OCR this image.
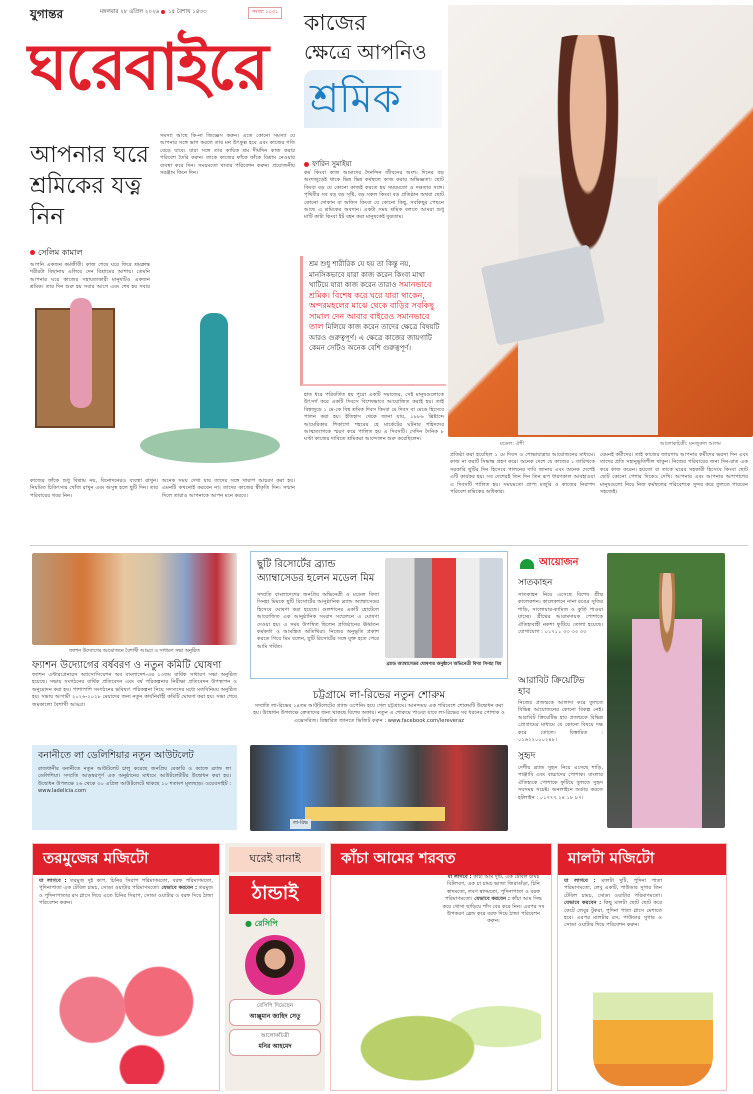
যুগান্তর	মঙ্গলবার ২৮ এপ্রিল ২০২৬ ১৫ বৈশাখ ১৪৩৩	সংখ্যা ১০৩১
ঘরেবাইরে
কাজের
ক্ষেত্রে আপনিও
শ্রমিক
মডেল: ঐশী	আলোকচিত্রী: মনজুরুল আলম
আপনার ঘরে শ্রমিকের যত্ন নিন
সেলিম কামাল
আপনি একজন কর্মজীবী। কাজ শেষে ঘরে ফিরে শ্রমক্লান্ত শরীরটা বিছানায় এলিয়ে দেন বিশ্রামের আশায়। তেমনি আপনার ঘরে কাজের সহায়তাকারী মানুষটিও একজন
সমস্যা আছে কি-না জিজ্ঞেস করুন। এতে কোনো সমস্যা যে আপনার সঙ্গে ভাগ করলে তার মন উৎফুল্ল হবে এবং কাজের গতি বেড়ে যাবে। যারা সঙ্গে তার কায়িক শ্রম দীর্ঘদিন কাজ করার পরিবেশ তৈরি করুন। তাকে কাজের ফাঁকে ফাঁকে বিশ্রাম নেওয়ার ব্যবস্থা করে দিন। সময়মতো খাবার পরিবেশন করুন। প্রয়োজনীয় সরঞ্জাম কিনে দিন।
কাজের ফাঁকে শুধু বিশ্রাম নয়, বিনোদনেরও ব্যবস্থা রাখুন। নিয়মিত চিকিৎসার খোঁজ রাখুন এবং অসুস্থ হলে ছুটি দিন। তার পরিবারের খবর নিন।
অনেক সময় দেখা যায় তাদের সঙ্গে খারাপ আচরণ করা হয়। এমনটি কখনোই করবেন না। তাদের কাজের স্বীকৃতি দিন। সম্মান দিলে তারাও আপনাকে আপন মনে করবে।
ফারিন সুমাইয়া
কর্ম কিংবা কাজ আমাদের দৈনন্দিন জীবনের অংশ। দিনের বড় অংশজুড়েই থাকে ভিন্ন ভিন্ন কর্মস্থলে কাজ করার অভিজ্ঞতা। ছোট কিংবা বড় যে কোনো কাজই করতে হয় সময়মতো ও দক্ষতার সঙ্গে। পৃথিবীর সব বড় বড় সৃষ্টি, বড় সকল কিংবা বড় প্রতিষ্ঠান অথবা ছোট কোনো দোকান বা অফিস কিংবা যে কোনো কিছু, সবকিছুর পেছনে আছে এ শ্রমিকের অবদান। একটা সময় শ্রমিক বলতে আমরা শুধু মাটি কাটা কিংবা ইট বহন করা মানুষকেই বুঝতাম।
শ্রম শুধু শারীরিক যে হয় তা কিন্তু নয়, মানসিকভাবে যারা কাজ করেন কিংবা মাথা খাটিয়ে যারা কাজ করেন তারাও সমানভাবে শ্রমিক। বিশেষ করে ঘরে যারা থাকেন, অন্দরমহলের মাঝে থেকে বাড়ির সবকিছু সামাল দেন আবার বাইরেও সমানভাবে তাল মিলিয়ে কাজ করেন তাদের ক্ষেত্রে বিষয়টি আরও গুরুত্বপূর্ণ। এ ক্ষেত্রে কাজের জায়গাটি কেমন সেটিও অনেক বেশি গুরুত্বপূর্ণ।
হাত ধরে পরিবর্তিত হয় পুরো একটি সমাজের, সেই মানুষগুলোকে উৎসর্গ করে একটি দিবসে বিশেষভাবে আয়োজিত করাই হয়। তাই বিশ্বজুড়ে ১ মে-কে বিশ্ব শ্রমিক দিবস কিংবা মে দিবস বা মেডে হিসেবে পালন করা হয়। ইতিহাস থেকে জানা যায়, ১৮৮৬ খ্রিষ্টাব্দে আমেরিকার শিকাগো শহরের হে মার্কেটের ঘটনার শহিদদের আত্মত্যাগকে স্মরণ করে পালিত হয় এ দিবসটি। সেদিন দৈনিক ৮ ঘণ্টা কাজের দাবিতে শ্রমিকরা আন্দোলন শুরু করেছিলেন।
প্রতিষ্ঠা করা হয়েছিল ১ মে দিবস ও শোভাযাত্রার আয়োজনের মাধ্যমে। কাজ না করার্ট সিদ্ধান্ত গ্রহণ করে। অনেক দেশে যে কাজের ১ তারিখকে সরকারি ছুটির দিন হিসেবে পালনের দাবি জানায় এবং অনেক দেশেই এটি কার্যকর হয়। সব দেশেরই তিন দিন তিন রূপ ধারণকাল আবহাওয়া এ দিবসটি পালিত হয়। সময়মতো প্রাপ্য মজুরি ও কাজের নিরাপদ পরিবেশ শ্রমিকের অধিকার।
যেমনই কর্মীদের। তাই কাজের জায়গায় আপনার কর্মীদের ভরসা দিন এবং তাদের প্রতি সহানুভূতিশীল থাকুন। নিজের পরিবারের জন্য দিন-রাত এক করে কাজ করেন। হয়তো বা তাকে ঘরের সহকারী হিসেবে কিংবা ছোট ছোট কোনো পেশার দিকেও দেখি। আপনার এবং আপনার আশপাশের মানুষগুলো নিয়ে নিজ কর্মস্থলের পরিবেশকে সুন্দর করে তুলতে পারবেন সহজেই।
ফ্যাশন উদ্যোগের আয়োজনে বৈশাখী আড্ডা ও সাধারণ সভা অনুষ্ঠিত
ফ্যাশন উদ্যোগের বর্ষবরণ ও নতুন কমিটি ঘোষণা
ফ্যাশন এন্টারপ্রেনারস অ্যাসোসিয়েশন অব বাংলাদেশ-এর ১৩তম বার্ষিক সাধারণ সভা অনুষ্ঠিত হয়েছে। সভায় সংগঠনের বার্ষিক প্রতিবেদন এবং বর্ষ পরিকল্পনার নিরীক্ষা প্রতিবেদন উপস্থাপন ও অনুমোদন করা হয়। পাশাপাশি সংগঠনের ভবিষ্যৎ পরিকল্পনা নিয়ে সদস্যদের মধ্যে মতবিনিময় অনুষ্ঠিত হয়। সভায় আগামী ২০২৬-২০২৮ মেয়াদের জন্য নতুন কার্যনির্বাহী কমিটি ঘোষণা করা হয়। সভা শেষে জমকালো বৈশাখী আড্ডা।
বনানীতে লা ডেলিশিয়ার নতুন আউটলেট
রাজধানীর বনানীতে নতুন আউটলেট চালু করেছে জনপ্রিয় বেকারি ও ক্যাফে ব্র্যান্ড লা ডেলিশিয়া। সম্প্রতি আড়ম্বরপূর্ণ এক অনুষ্ঠানের মাধ্যমে আউটলেটটির উদ্বোধন করা হয়। উদ্বোধন উপলক্ষে ২৬ থেকে ৩০ এপ্রিল আউটলেটে থাকছে ১০ শতাংশ মূল্যছাড়। ওয়েবসাইট : www.ladelicia.com
ছুটি রিসোর্টের ব্র্যান্ড অ্যাম্বাসেডর হলেন মডেল মিম
সম্প্রতি বাংলাদেশের জনপ্রিয় অভিনেত্রী ও মডেল বিদ্যা সিনহা মিমকে ছুটি রিসোর্টের আনুষ্ঠানিক ব্র্যান্ড অ্যাম্বাসেডর হিসেবে ঘোষণা করা হয়েছে। গুলশানের একটি হোটেলে আয়োজিত এক আনুষ্ঠানিক সংবাদ সম্মেলনে এ ঘোষণা দেওয়া হয়। এ সময় উপস্থিত ছিলেন প্রতিষ্ঠানের ঊর্ধ্বতন কর্মকর্তা ও আমন্ত্রিত অতিথিরা। নিজের অনুভূতি প্রকাশ করতে গিয়ে মিম বলেন, ছুটি রিসোর্টের সঙ্গে যুক্ত হতে পেরে আমি গর্বিত।
ব্র্যান্ড অ্যাম্বাসেডর ঘোষণার অনুষ্ঠানে অভিনেত্রী বিদ্যা সিনহা মিম
চট্টগ্রামে লা-রিভের নতুন শোরুম
সম্প্রতি লা-রিভের ২৪তম আউটলেটের গ্র্যান্ড ওপেনিং হয়ে গেল চট্টগ্রামে। আনন্দময় এক পরিবেশে শোরুমটি উদ্বোধন করা হয়। উদ্বোধন উপলক্ষে ক্রেতাদের জন্য থাকছে বিশেষ অফার। নতুন এ শোরুমে পাওয়া যাবে লা-রিভের সব ধরনের পোশাক ও এক্সেসরিজ। বিস্তারিত জানতে ভিজিট করুন : www.facebook.com/lereveraz
লা-রিভ
আয়োজন
সাতকাহন
সাতকাহন নিয়ে এসেছে বিশেষ গ্রীষ্ম কালেকশন। কালেকশনে নানা রঙের সুতির শাড়ি, সালোয়ার-কামিজ ও কুর্তি পাওয়া যাচ্ছে। গ্রীষ্মের আরামদায়ক পোশাকে ঐতিহ্যবাহী নকশা ফুটিয়ে তোলা হয়েছে। যোগাযোগ : ০১৭১১ ৩৩ ৩৩ ৩৩
আরাবিট ক্রিয়েটিভ হাব
নিজের প্রজন্মকে আলাদা করে তুলতে বিভিন্ন আয়োজনের কোনো বিকল্প নেই। আরাবিট ক্রিয়েটিভ হাব প্রজন্মকে বিভিন্ন প্রোগ্রামের মাধ্যমে যে কোনো বিষয়ে দক্ষ করে তোলে। বিস্তারিত : ০১৬২২০০০২৪৮।
সুহৃদ
দেশীয় ব্র্যান্ড সুহৃদ নিয়ে এসেছে শাড়ি, পাঞ্জাবি এবং বাচ্চাদের পোশাক। বাংলার ঐতিহ্যকে পোশাকে ফুটিয়ে তুলতে সুহৃদ সবসময় সচেষ্ট। অনলাইনে অর্ডার করতে হটলাইন : ০১৭৭৭ ২৪ ১৮ ৮৭।
তরমুজের মজিটো
যা লাগবে : তরমুজ দুই কাপ, চিনির সিরাপ পরিমাণমতো, বরফ পরিমাণমতো, পুদিনাপাতা এক টেবিল চামচ, সোডা ওয়াটার পরিমাণমতো। যেভাবে করবেন : তরমুজ ও পুদিনাপাতার রস গ্লাসে দিয়ে এতে চিনির সিরাপ, সোডা ওয়াটার ও বরফ দিয়ে ঠান্ডা পরিবেশন করুন।
ঘরেই বানাই
ঠান্ডাই
● রেসিপি
রেসিপি দিয়েছেন
আঞ্জুমান জাহিদ সেতু
আলোকচিত্রী
মনির আহমেদ
কাঁচা আমের শরবত
যা লাগবে : কাঁচা আম দুটি, এক টেবিল চামচ বিটলবণ, এক চা চামচ ভাজা জিরাগুঁড়া, চিনি স্বাদমতো, লবণ স্বাদমতো, পুদিনাপাতা ও বরফ পরিমাণমতো। যেভাবে করবেন : কাঁচা আম সিদ্ধ করে খোসা ছাড়িয়ে শাঁস বের করে নিন। এরপর সব উপকরণ ব্লেন্ড করে বরফ দিয়ে ঠান্ডা পরিবেশন করুন।
মালটা মজিটো
যা লাগবে : মালটা দুটি, পুদিনা পাতা পরিমাণমতো, লেবু একটি, পাউডার সুগার তিন টেবিল চামচ, সোডা ওয়াটার পরিমাণমতো। যেভাবে করবেন : কিছু মালটা ছোট ছোট করে কেটে লেবুর টুকরা, পুদিনা পাতা গ্লাসে মেশাতে হবে। এরপর মালটার রস, পাউডার সুগার ও সোডা ওয়াটার দিয়ে পরিবেশন করুন।
